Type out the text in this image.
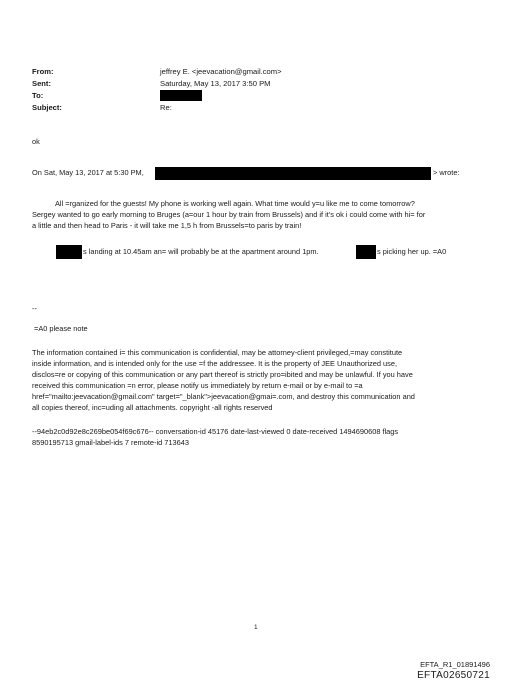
From:	jeffrey E. <jeevacation@gmail.com>
Sent:	Saturday, May 13, 2017 3:50 PM
To:
Subject:	Re:
ok
On Sat, May 13, 2017 at 5:30 PM,	> wrote:
All =rganized for the guests! My phone is working well again. What time would y=u like me to come tomorrow?
Sergey wanted to go early morning to Bruges (a=our 1 hour by train from Brussels) and if it's ok i could come with hi= for
a little and then head to Paris - it will take me 1,5 h from Brussels=to paris by train!
s landing at 10.45am an= will probably be at the apartment around 1pm.	s picking her up. =A0
--
=A0 please note
The information contained i= this communication is confidential, may be attorney-client privileged,=may constitute
inside information, and is intended only for the use =f the addressee. It is the property of JEE Unauthorized use,
disclos=re or copying of this communication or any part thereof is strictly pro=ibited and may be unlawful. If you have
received this communication =n error, please notify us immediately by return e-mail or by e-mail to =a
href="mailto:jeevacation@gmail.com" target="_blank">jeevacation@gmai=.com, and destroy this communication and
all copies thereof, inc=uding all attachments. copyright -all rights reserved
--94eb2c0d92e8c269be054f69c676-- conversation-id 45176 date-last-viewed 0 date-received 1494690608 flags
8590195713 gmail-label-ids 7 remote-id 713643
1
EFTA_R1_01891496
EFTA02650721
